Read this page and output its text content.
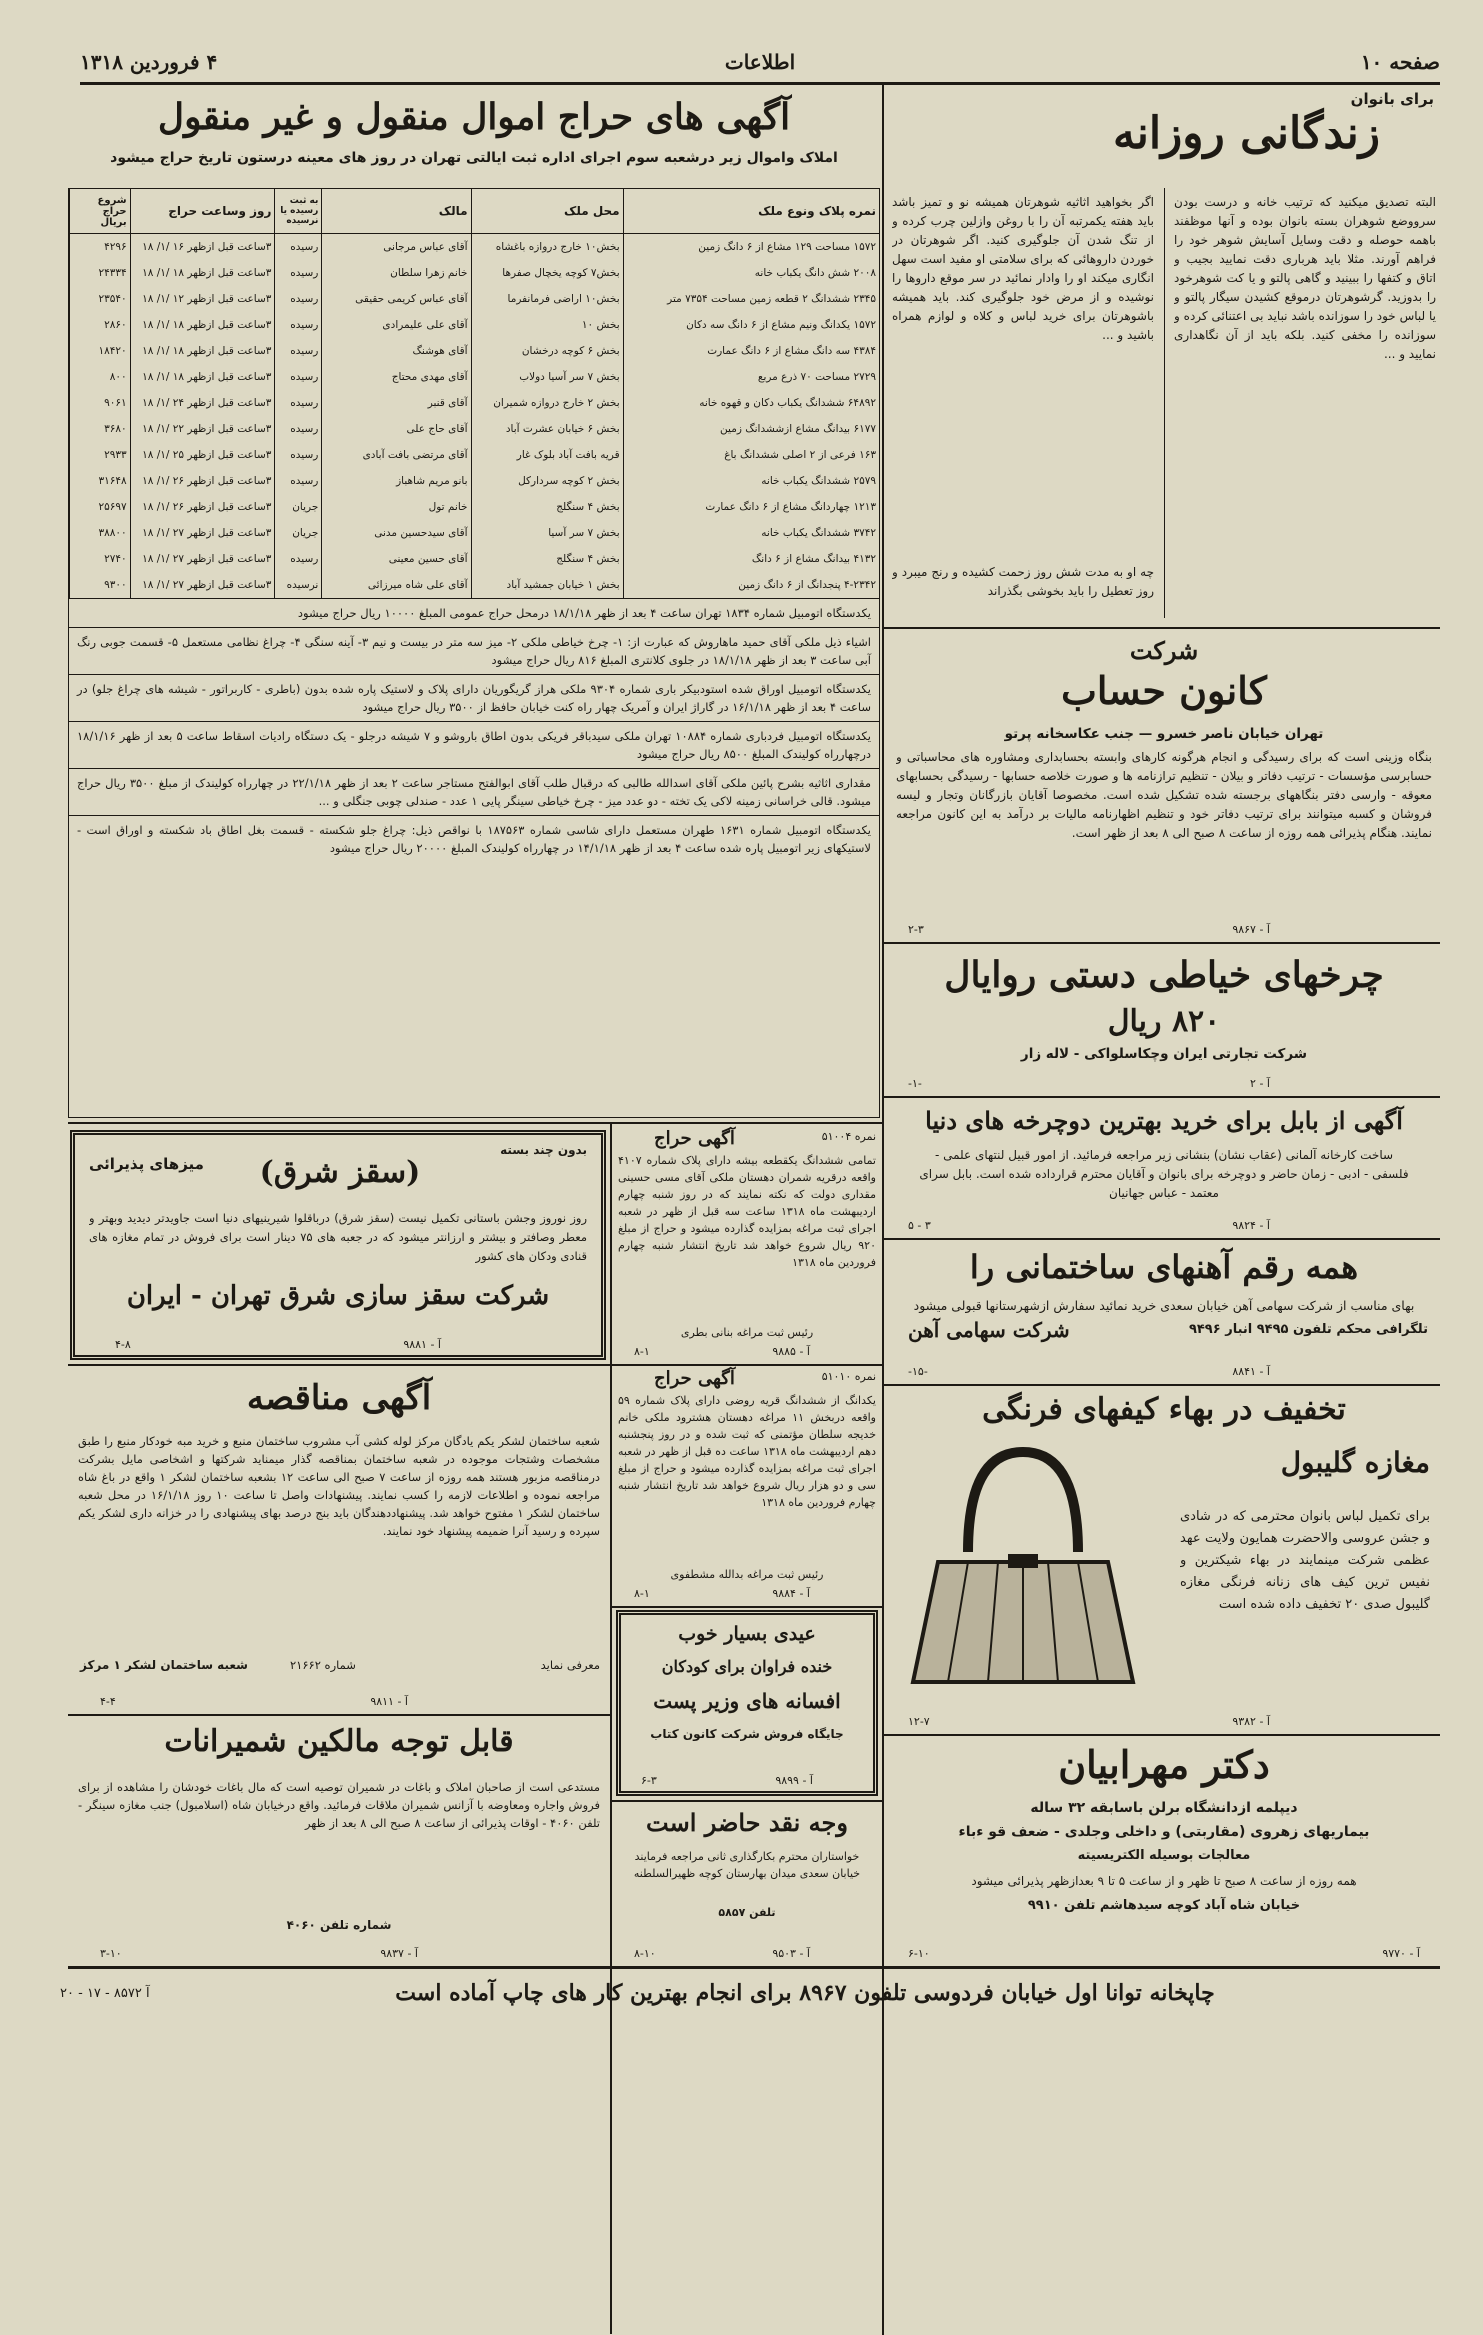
صفحه ۱۰
اطلاعات
۴ فروردین ۱۳۱۸
برای بانوان
زندگانی روزانه
البته تصدیق میکنید که ترتیب خانه و درست بودن سرووضع شوهران بسته بانوان بوده و آنها موظفند باهمه حوصله و دقت وسایل آسایش شوهر خود را فراهم آورند. مثلا باید هرباری دقت نمایید بجیب و اتاق و کتفها را ببینید و گاهی پالتو و یا کت شوهرخود را بدوزید. گرشوهرتان درموقع کشیدن سیگار پالتو و یا لباس خود را سوزانده باشد نباید بی اعتنائی کرده و سوزانده را مخفی کنید. بلکه باید از آن نگاهداری نمایید و ...
اگر بخواهید اثاثیه شوهرتان همیشه نو و تمیز باشد باید هفته یکمرتبه آن را با روغن وازلین چرب کرده و از تنگ شدن آن جلوگیری کنید. اگر شوهرتان در خوردن داروهائی که برای سلامتی او مفید است سهل انگاری میکند او را وادار نمائید در سر موقع داروها را نوشیده و از مرض خود جلوگیری کند. باید همیشه باشوهرتان برای خرید لباس و کلاه و لوازم همراه باشید و ...
چه او به مدت شش روز زحمت کشیده و رنج میبرد و روز تعطیل را باید بخوشی بگذراند
آگهی های حراج اموال منقول و غیر منقول
املاک واموال زیر درشعبه سوم اجرای اداره ثبت ایالتی تهران در روز های معینه درستون تاریخ حراج میشود
نمره پلاک ونوع ملک	محل ملک	مالک	به ثبت رسیده یا نرسیده	روز وساعت حراج	شروع حراج بریال
۱۵۷۲ مساحت ۱۲۹ مشاع از ۶ دانگ زمین	بخش۱۰ خارج دروازه باغشاه	آقای عباس مرجانی	رسیده	۳ساعت قبل ازظهر ۱۶ /۱/ ۱۸	۴۲۹۶
۲۰۰۸ شش دانگ یکباب خانه	بخش۷ کوچه یخچال صفرها	خانم زهرا سلطان	رسیده	۳ساعت قبل ازظهر ۱۸ /۱/ ۱۸	۲۴۳۳۴
۲۳۴۵ ششدانگ ۲ قطعه زمین مساحت ۷۳۵۴ متر	بخش۱۰ اراضی فرمانفرما	آقای عباس کریمی حقیقی	رسیده	۳ساعت قبل ازظهر ۱۲ /۱/ ۱۸	۲۳۵۴۰
۱۵۷۲ یکدانگ ونیم مشاع از ۶ دانگ سه دکان	بخش ۱۰	آقای علی علیمرادی	رسیده	۳ساعت قبل ازظهر ۱۸ /۱/ ۱۸	۲۸۶۰
۴۳۸۴ سه دانگ مشاع از ۶ دانگ عمارت	بخش ۶ کوچه درخشان	آقای هوشنگ	رسیده	۳ساعت قبل ازظهر ۱۸ /۱/ ۱۸	۱۸۴۲۰
۲۷۲۹ مساحت ۷۰ ذرع مربع	بخش ۷ سر آسیا دولاب	آقای مهدی محتاج	رسیده	۳ساعت قبل ازظهر ۱۸ /۱/ ۱۸	۸۰۰
۶۴۸۹۲ ششدانگ یکباب دکان و قهوه خانه	بخش ۲ خارج دروازه شمیران	آقای قنبر	رسیده	۳ساعت قبل ازظهر ۲۴ /۱/ ۱۸	۹۰۶۱
۶۱۷۷ بیدانگ مشاع ازششدانگ زمین	بخش ۶ خیابان عشرت آباد	آقای حاج علی	رسیده	۳ساعت قبل ازظهر ۲۲ /۱/ ۱۸	۳۶۸۰
۱۶۳ فرعی از ۲ اصلی ششدانگ باغ	قریه بافت آباد بلوک غار	آقای مرتضی بافت آبادی	رسیده	۳ساعت قبل ازظهر ۲۵ /۱/ ۱۸	۲۹۳۳
۲۵۷۹ ششدانگ یکباب خانه	بخش ۲ کوچه سردارکل	بانو مریم شاهباز	رسیده	۳ساعت قبل ازظهر ۲۶ /۱/ ۱۸	۳۱۶۴۸
۱۲۱۳ چهاردانگ مشاع از ۶ دانگ عمارت	بخش ۴ سنگلج	خانم تول	جریان	۳ساعت قبل ازظهر ۲۶ /۱/ ۱۸	۲۵۶۹۷
۳۷۴۲ ششدانگ یکباب خانه	بخش ۷ سر آسیا	آقای سیدحسین مدنی	جریان	۳ساعت قبل ازظهر ۲۷ /۱/ ۱۸	۳۸۸۰۰
۴۱۳۲ بیدانگ مشاع از ۶ دانگ	بخش ۴ سنگلج	آقای حسین معینی	رسیده	۳ساعت قبل ازظهر ۲۷ /۱/ ۱۸	۲۷۴۰
۴-۲۳۴۲ پنجدانگ از ۶ دانگ زمین	بخش ۱ خیابان جمشید آباد	آقای علی شاه میرزائی	نرسیده	۳ساعت قبل ازظهر ۲۷ /۱/ ۱۸	۹۳۰۰
یکدستگاه اتومبیل شماره ۱۸۳۴ تهران ساعت ۴ بعد از ظهر ۱۸/۱/۱۸ درمحل حراج عمومی المبلغ ۱۰۰۰۰ ریال حراج میشود
اشیاء ذیل ملکی آقای حمید ماهاروش که عبارت از: ۱- چرخ خیاطی ملکی ۲- میز سه متر در بیست و نیم ۳- آینه سنگی ۴- چراغ نظامی مستعمل ۵- قسمت جوبی رنگ آبی ساعت ۳ بعد از ظهر ۱۸/۱/۱۸ در جلوی کلانتری المبلغ ۸۱۶ ریال حراج میشود
یکدستگاه اتومبیل اوراق شده استودبیکر باری شماره ۹۳۰۴ ملکی هراز گریگوریان دارای پلاک و لاستیک پاره شده بدون (باطری - کاربراتور - شیشه های چراغ جلو) در ساعت ۴ بعد از ظهر ۱۶/۱/۱۸ در گاراژ ایران و آمریک چهار راه کنت خیابان حافظ از ۳۵۰۰ ریال حراج میشود
یکدستگاه اتومبیل فردباری شماره ۱۰۸۸۴ تهران ملکی سیدباقر فریکی بدون اطاق باروشو و ۷ شیشه درجلو - یک دستگاه رادیات اسقاط ساعت ۵ بعد از ظهر ۱۸/۱/۱۶ درچهارراه کولیندک المبلغ ۸۵۰۰ ریال حراج میشود
مقداری اثاثیه بشرح پائین ملکی آقای اسدالله طالبی که درقبال طلب آقای ابوالفتح مستاجر ساعت ۲ بعد از ظهر ۲۲/۱/۱۸ در چهارراه کولیندک از مبلغ ۳۵۰۰ ریال حراج میشود. قالی خراسانی زمینه لاکی یک تخته - دو عدد میز - چرخ خیاطی سینگر پایی ۱ عدد - صندلی چوبی جنگلی و ...
یکدستگاه اتومبیل شماره ۱۶۳۱ طهران مستعمل دارای شاسی شماره ۱۸۷۵۶۳ با نواقص ذیل: چراغ جلو شکسته - قسمت بغل اطاق باد شکسته و اوراق است - لاستیکهای زیر اتومبیل پاره شده ساعت ۴ بعد از ظهر ۱۴/۱/۱۸ در چهارراه کولیندک المبلغ ۲۰۰۰۰ ریال حراج میشود
شرکت
کانون حساب
تهران خیابان ناصر خسرو — جنب عکاسخانه پرتو
بنگاه وزینی است که برای رسیدگی و انجام هرگونه کارهای وابسته بحسابداری ومشاوره های محاسباتی و حسابرسی مؤسسات - ترتیب دفاتر و بیلان - تنظیم ترازنامه ها و صورت خلاصه حسابها - رسیدگی بحسابهای معوقه - وارسی دفتر بنگاههای برجسته شده تشکیل شده است. مخصوصا آقایان بازرگانان وتجار و لیسه فروشان و کسبه میتوانند برای ترتیب دفاتر خود و تنظیم اظهارنامه مالیات بر درآمد به این کانون مراجعه نمایند. هنگام پذیرائی همه روزه از ساعت ۸ صبح الی ۸ بعد از ظهر است.
آ - ۹۸۶۷
۲-۳
چرخهای خیاطی دستی روایال
۸۲۰ ریال
شرکت تجارتی ایران وچکاسلواکی - لاله زار
آ - ۲
-۱-
آگهی از بابل برای خرید بهترین دوچرخه های دنیا
ساخت کارخانه آلمانی (عقاب نشان) بنشانی زیر مراجعه فرمائید. از امور قبیل لنتهای علمی - فلسفی - ادبی - زمان حاضر و دوچرخه برای بانوان و آقایان محترم قرارداده شده است. بابل سرای معتمد - عباس جهانیان
آ - ۹۸۲۴
۳ - ۵
همه رقم آهنهای ساختمانی را
بهای مناسب از شرکت سهامی آهن خیابان سعدی خرید نمائید سفارش ازشهرستانها قبولی میشود
تلگرافی محکم تلفون ۹۴۹۵ انبار ۹۴۹۶
شرکت سهامی آهن
آ - ۸۸۴۱
-۱۵-
تخفیف در بهاء کیفهای فرنگی
مغازه گلیبول
برای تکمیل لباس بانوان محترمی که در شادی و جشن عروسی والاحضرت همایون ولایت عهد عظمی شرکت مینمایند در بهاء شیکترین و نفیس ترین کیف های زنانه فرنگی مغازه گلیبول صدی ۲۰ تخفیف داده شده است
آ - ۹۳۸۲
۱۲-۷
دکتر مهرابیان
دیپلمه ازدانشگاه برلن باسابقه ۳۲ ساله
بیماریهای زهروی (مقاربتی) و داخلی وجلدی - ضعف قو ءباء
معالجات بوسیله الکتریسیته
همه روزه از ساعت ۸ صبح تا ظهر و از ساعت ۵ تا ۹ بعدازظهر پذیرائی میشود
خیابان شاه آباد کوچه سیدهاشم تلفن ۹۹۱۰
آ - ۹۷۷۰
۶-۱۰
میزهای پذیرائی
بدون چند بسته
(سقز شرق)
روز نوروز وجشن باستانی تکمیل نیست (سقز شرق) درباقلوا شیرینیهای دنیا است جاویدتر دیدید وبهتر و معطر وصافتر و بیشتر و ارزانتر میشود که در جعبه های ۷۵ دینار است برای فروش در تمام مغازه های قنادی ودکان های کشور
شرکت سقز سازی شرق تهران - ایران
آ - ۹۸۸۱
۴-۸
نمره ۵۱۰۰۴
آگهی حراج
تمامی ششدانگ یکقطعه بیشه دارای پلاک شماره ۴۱۰۷ واقعه درقریه شمران دهستان ملکی آقای مسی حسینی مقداری دولت که نکته نمایند که در روز شنبه چهارم اردیبهشت ماه ۱۳۱۸ ساعت سه قبل از ظهر در شعبه اجرای ثبت مراغه بمزایده گذارده میشود و حراج از مبلغ ۹۲۰ ریال شروع خواهد شد تاریخ انتشار شنبه چهارم فروردین ماه ۱۳۱۸
رئیس ثبت مراغه بنانی بطری
آ - ۹۸۸۵
۸-۱
نمره ۵۱۰۱۰
آگهی حراج
یکدانگ از ششدانگ قریه روضی دارای پلاک شماره ۵۹ واقعه دربخش ۱۱ مراغه دهستان هشترود ملکی خانم خدیجه سلطان مؤتمنی که ثبت شده و در روز پنجشنبه دهم اردیبهشت ماه ۱۳۱۸ ساعت ده قبل از ظهر در شعبه اجرای ثبت مراغه بمزایده گذارده میشود و حراج از مبلغ سی و دو هزار ریال شروع خواهد شد تاریخ انتشار شنبه چهارم فروردین ماه ۱۳۱۸
رئیس ثبت مراغه بدالله مشطفوی
آ - ۹۸۸۴
۸-۱
عیدی بسیار خوب
خنده فراوان برای کودکان
افسانه های وزیر پست
جایگاه فروش شرکت کانون کتاب
آ - ۹۸۹۹
۶-۳
وجه نقد حاضر است
خواستاران محترم بکارگذاری ثانی مراجعه فرمایند خیابان سعدی میدان بهارستان کوچه ظهیرالسلطنه
تلفن ۵۸۵۷
آ - ۹۵۰۳
۸-۱۰
آگهی مناقصه
شعبه ساختمان لشکر یکم یادگان مرکز لوله کشی آب مشروب ساختمان منبع و خرید مبه خودکار منبع را طبق مشخصات وشتجات موجوده در شعبه ساختمان بمناقصه گذار میمناید شرکتها و اشخاصی مایل بشرکت درمناقصه مزبور هستند همه روزه از ساعت ۷ صبح الی ساعت ۱۲ بشعبه ساختمان لشکر ۱ واقع در باغ شاه مراجعه نموده و اطلاعات لازمه را کسب نمایند. پیشنهادات واصل تا ساعت ۱۰ روز ۱۶/۱/۱۸ در محل شعبه ساختمان لشکر ۱ مفتوح خواهد شد. پیشنهاددهندگان باید بنج درصد بهای پیشنهادی را در خزانه داری لشکر یکم سپرده و رسید آنرا ضمیمه پیشنهاد خود نمایند.
معرفی نماید
شماره ۲۱۶۶۲
شعبه ساختمان لشکر ۱ مرکز
آ - ۹۸۱۱
۴-۴
قابل توجه مالکین شمیرانات
مستدعی است از صاحبان املاک و باغات در شمیران توصیه است که مال باغات خودشان را مشاهده از برای فروش واجاره ومعاوضه با آزانس شمیران ملاقات فرمائید. واقع درخیابان شاه (اسلامبول) جنب مغازه سینگر - تلفن ۴۰۶۰ - اوقات پذیرائی از ساعت ۸ صبح الی ۸ بعد از ظهر
شماره تلفن ۴۰۶۰
آ - ۹۸۳۷
۳-۱۰
چاپخانه توانا اول خیابان فردوسی تلفون ۸۹۶۷ برای انجام بهترین کار های چاپ آماده است
آ ۸۵۷۲ - ۱۷ - ۲۰
